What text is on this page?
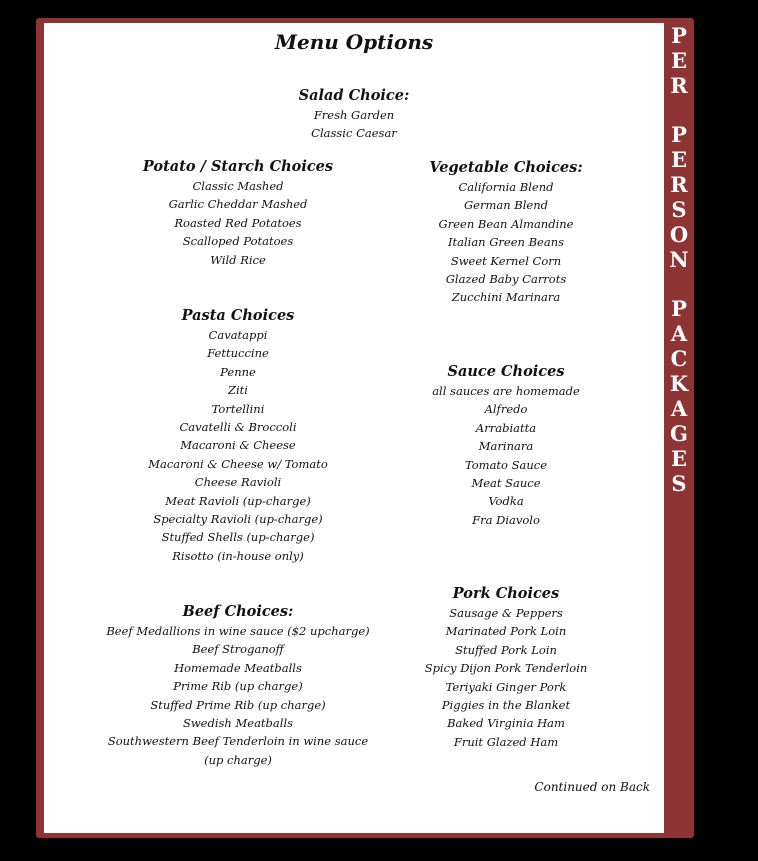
P
E
R
P
E
R
S
O
N
P
A
C
K
A
G
E
S
Menu Options
Salad Choice:
Fresh Garden
Classic Caesar
Potato / Starch Choices
Classic Mashed
Garlic Cheddar Mashed
Roasted Red Potatoes
Scalloped Potatoes
Wild Rice
Vegetable Choices:
California Blend
German Blend
Green Bean Almandine
Italian Green Beans
Sweet Kernel Corn
Glazed Baby Carrots
Zucchini Marinara
Pasta Choices
Cavatappi
Fettuccine
Penne
Ziti
Tortellini
Cavatelli & Broccoli
Macaroni & Cheese
Macaroni & Cheese w/ Tomato
Cheese Ravioli
Meat Ravioli (up-charge)
Specialty Ravioli (up-charge)
Stuffed Shells (up-charge)
Risotto (in-house only)
Sauce Choices
all sauces are homemade
Alfredo
Arrabiatta
Marinara
Tomato Sauce
Meat Sauce
Vodka
Fra Diavolo
Beef Choices:
Beef Medallions in wine sauce ($2 upcharge)
Beef Stroganoff
Homemade Meatballs
Prime Rib (up charge)
Stuffed Prime Rib (up charge)
Swedish Meatballs
Southwestern Beef Tenderloin in wine sauce
(up charge)
Pork Choices
Sausage & Peppers
Marinated Pork Loin
Stuffed Pork Loin
Spicy Dijon Pork Tenderloin
Teriyaki Ginger Pork
Piggies in the Blanket
Baked Virginia Ham
Fruit Glazed Ham
Continued on Back
